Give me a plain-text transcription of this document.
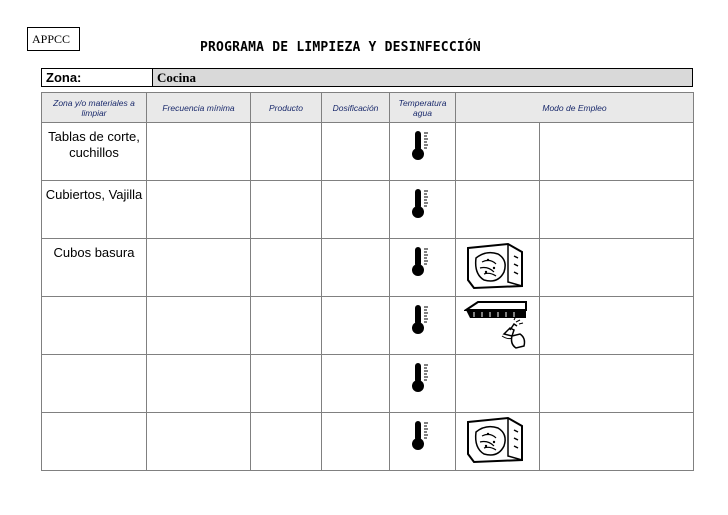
APPCC
PROGRAMA DE LIMPIEZA Y DESINFECCIÓN
Zona:	Cocina
Zona y/o materiales a limpiar	Frecuencia mínima	Producto	Dosificación	Temperatura agua	Modo de Empleo	

Tablas de corte, cuchillos

Cubiertos, Vajilla

Cubos basura
